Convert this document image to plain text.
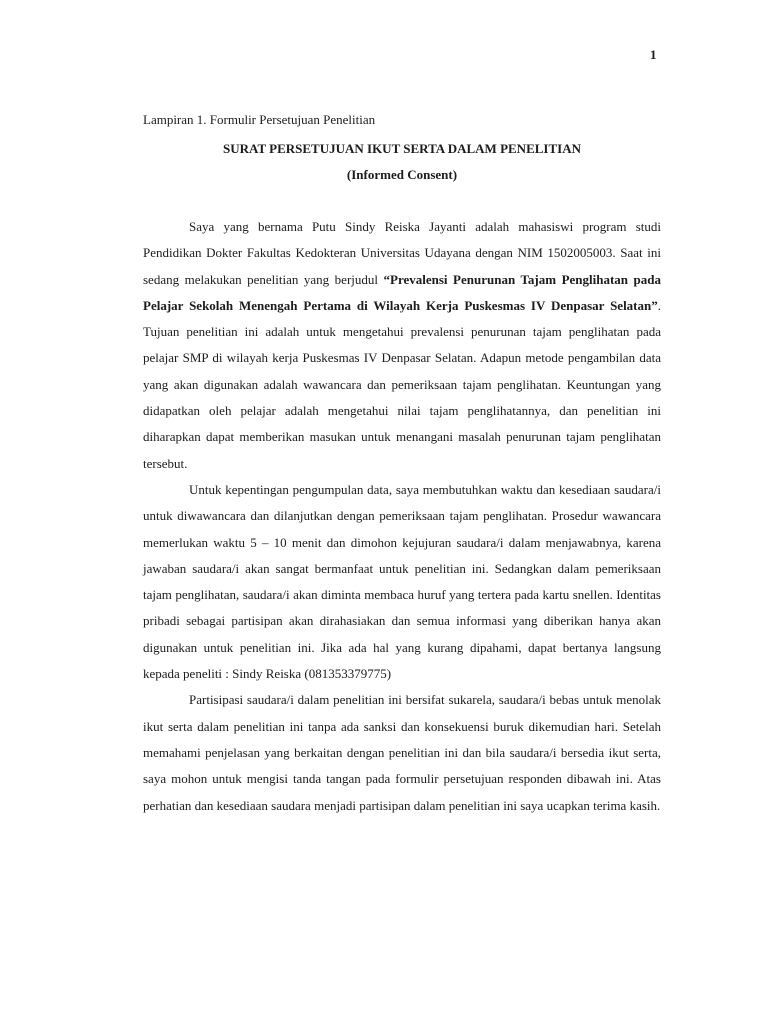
1
Lampiran 1. Formulir Persetujuan Penelitian
SURAT PERSETUJUAN IKUT SERTA DALAM PENELITIAN
(Informed Consent)

Saya yang bernama Putu Sindy Reiska Jayanti adalah mahasiswi program studi Pendidikan Dokter Fakultas Kedokteran Universitas Udayana dengan NIM 1502005003. Saat ini sedang melakukan penelitian yang berjudul “Prevalensi Penurunan Tajam Penglihatan pada Pelajar Sekolah Menengah Pertama di Wilayah Kerja Puskesmas IV Denpasar Selatan”. Tujuan penelitian ini adalah untuk mengetahui prevalensi penurunan tajam penglihatan pada pelajar SMP di wilayah kerja Puskesmas IV Denpasar Selatan. Adapun metode pengambilan data yang akan digunakan adalah wawancara dan pemeriksaan tajam penglihatan. Keuntungan yang didapatkan oleh pelajar adalah mengetahui nilai tajam penglihatannya, dan penelitian ini diharapkan dapat memberikan masukan untuk menangani masalah penurunan tajam penglihatan tersebut.

Untuk kepentingan pengumpulan data, saya membutuhkan waktu dan kesediaan saudara/i untuk diwawancara dan dilanjutkan dengan pemeriksaan tajam penglihatan. Prosedur wawancara memerlukan waktu 5 – 10 menit dan dimohon kejujuran saudara/i dalam menjawabnya, karena jawaban saudara/i akan sangat bermanfaat untuk penelitian ini. Sedangkan dalam pemeriksaan tajam penglihatan, saudara/i akan diminta membaca huruf yang tertera pada kartu snellen. Identitas pribadi sebagai partisipan akan dirahasiakan dan semua informasi yang diberikan hanya akan digunakan untuk penelitian ini. Jika ada hal yang kurang dipahami, dapat bertanya langsung kepada peneliti : Sindy Reiska (081353379775)

Partisipasi saudara/i dalam penelitian ini bersifat sukarela, saudara/i bebas untuk menolak ikut serta dalam penelitian ini tanpa ada sanksi dan konsekuensi buruk dikemudian hari. Setelah memahami penjelasan yang berkaitan dengan penelitian ini dan bila saudara/i bersedia ikut serta, saya mohon untuk mengisi tanda tangan pada formulir persetujuan responden dibawah ini. Atas perhatian dan kesediaan saudara menjadi partisipan dalam penelitian ini saya ucapkan terima kasih.
